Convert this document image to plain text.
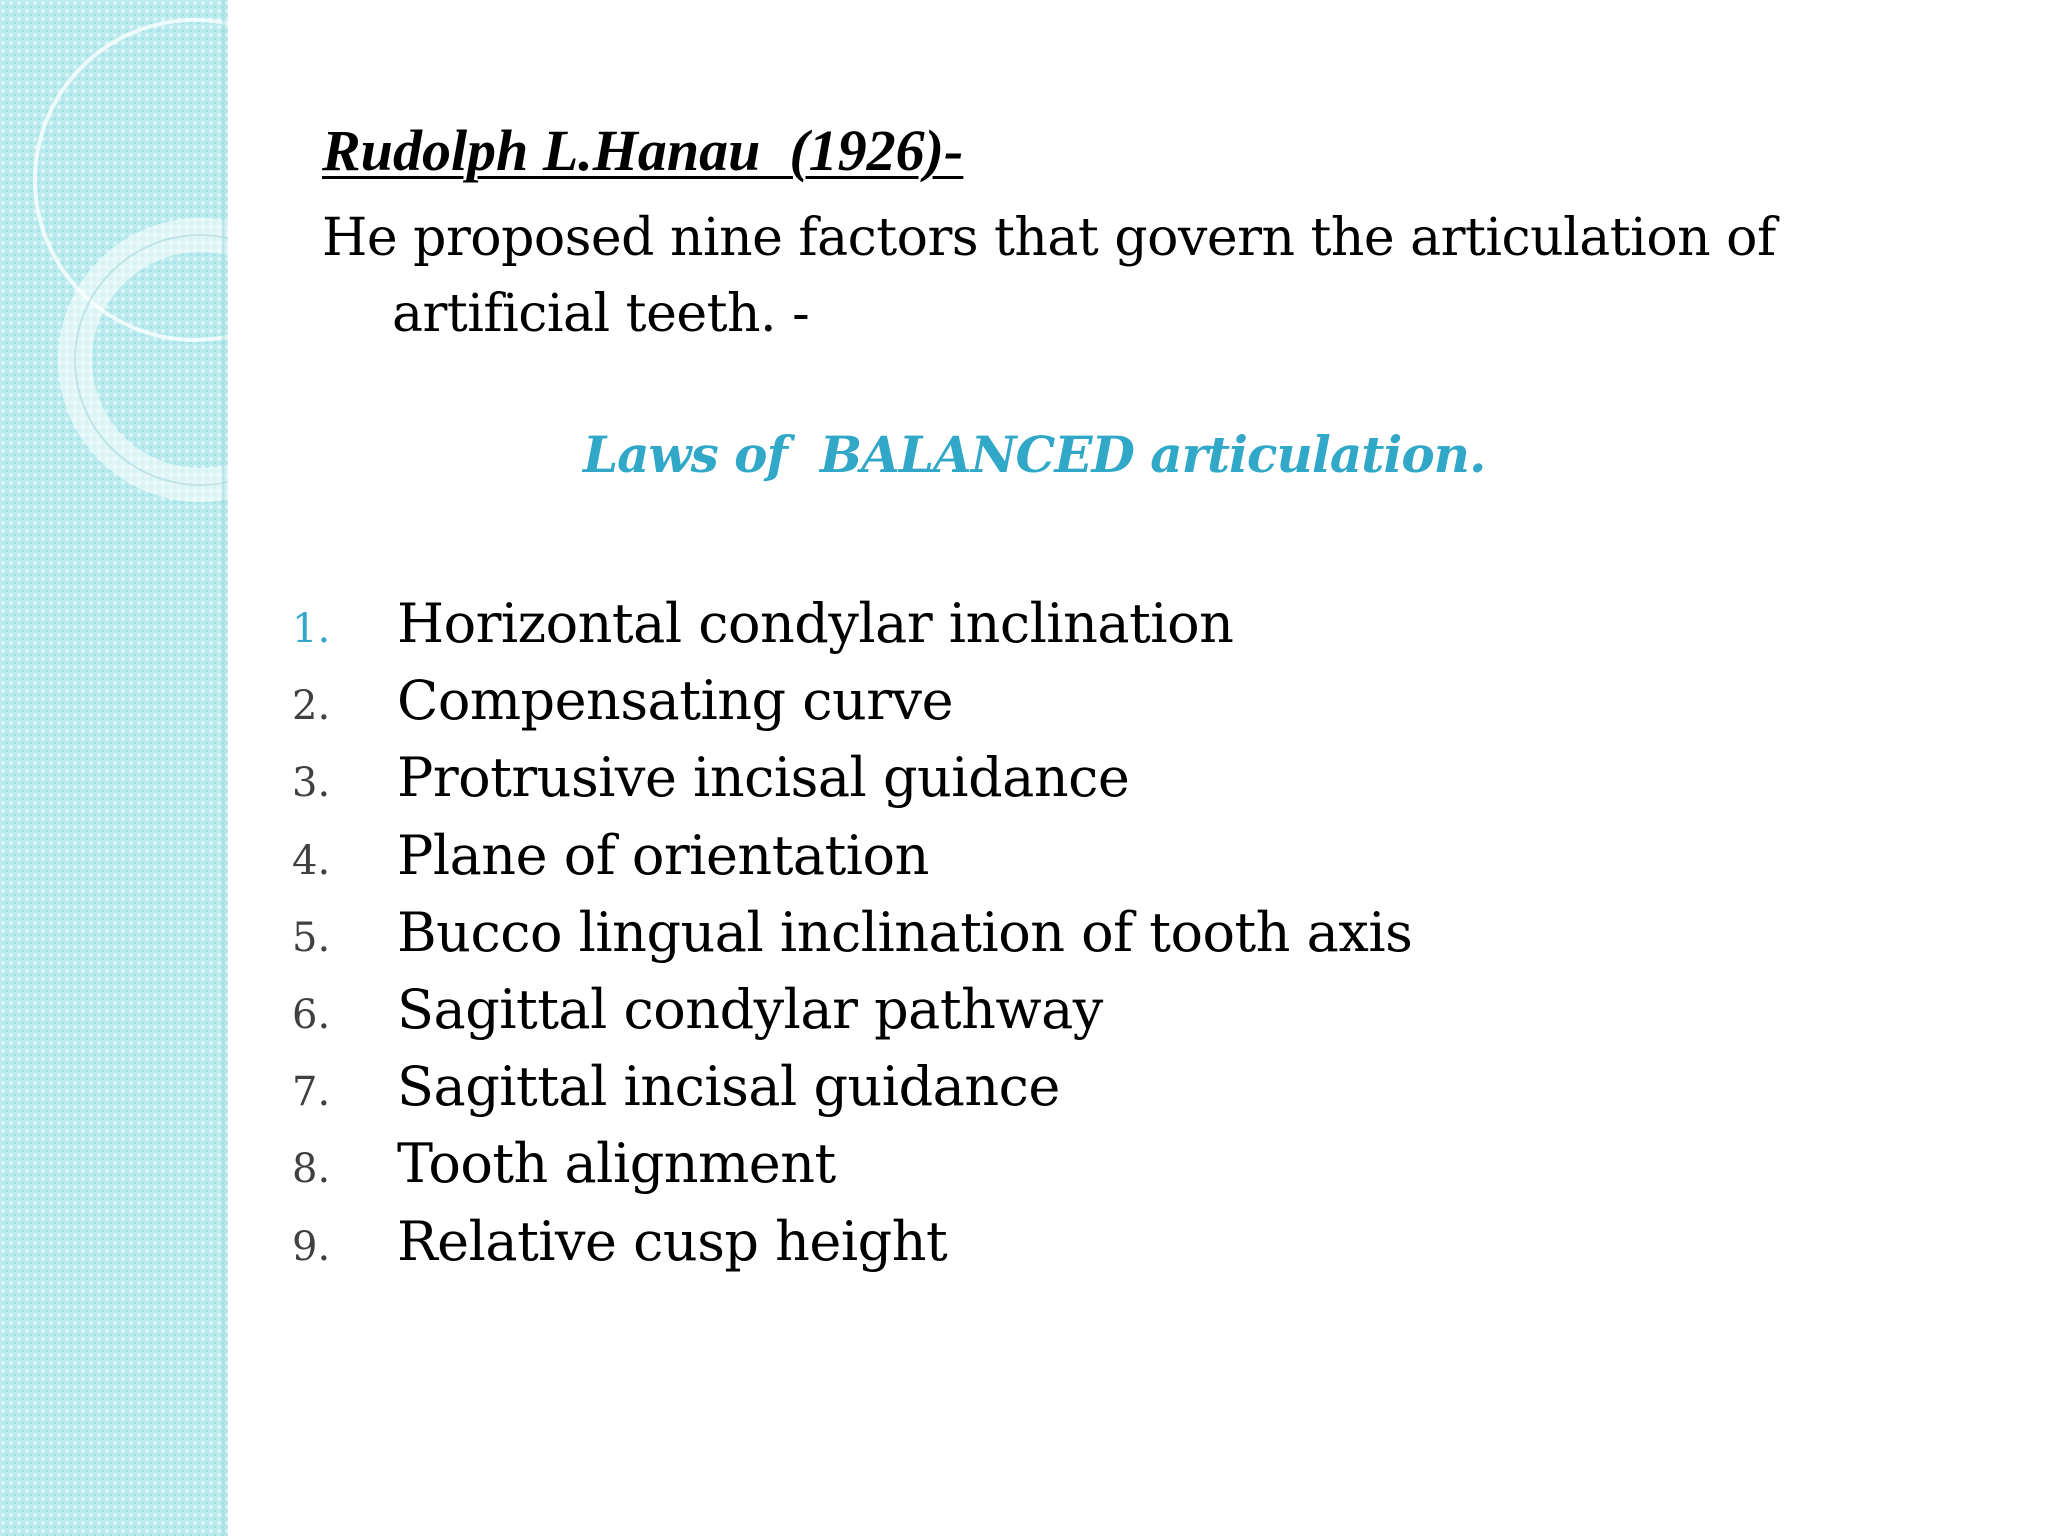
Rudolph L.Hanau  (1926)-
He proposed nine factors that govern the articulation of artificial teeth. -
Laws of  BALANCED articulation.
1.	Horizontal condylar inclination
2.	Compensating curve
3.	Protrusive incisal guidance
4.	Plane of orientation
5.	Bucco lingual inclination of tooth axis
6.	Sagittal condylar pathway
7.	Sagittal incisal guidance
8.	Tooth alignment
9.	Relative cusp height
